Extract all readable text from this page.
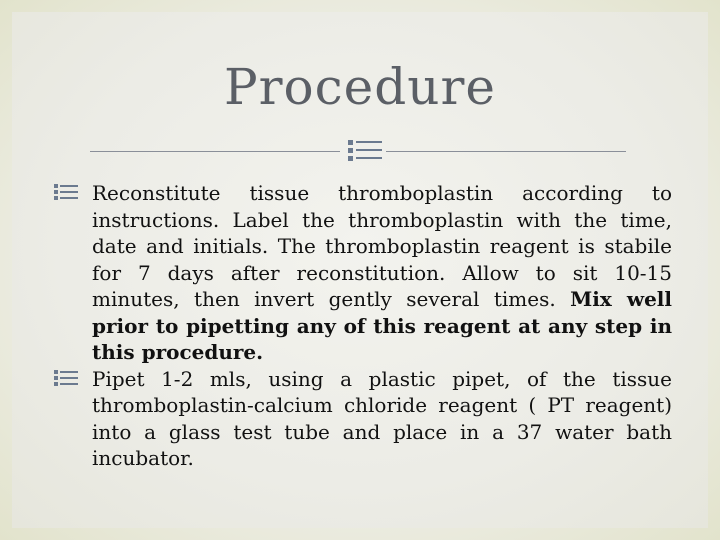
Procedure
Reconstitute tissue thromboplastin according to instructions. Label the thromboplastin with the time, date and initials. The thromboplastin reagent is stabile for 7 days after reconstitution. Allow to sit 10-15 minutes, then invert gently several times. Mix well prior to pipetting any of this reagent at any step in this procedure.
Pipet 1-2 mls, using a plastic pipet, of the tissue thromboplastin-calcium chloride reagent ( PT reagent) into a glass test tube and place in a 37 water bath incubator.
